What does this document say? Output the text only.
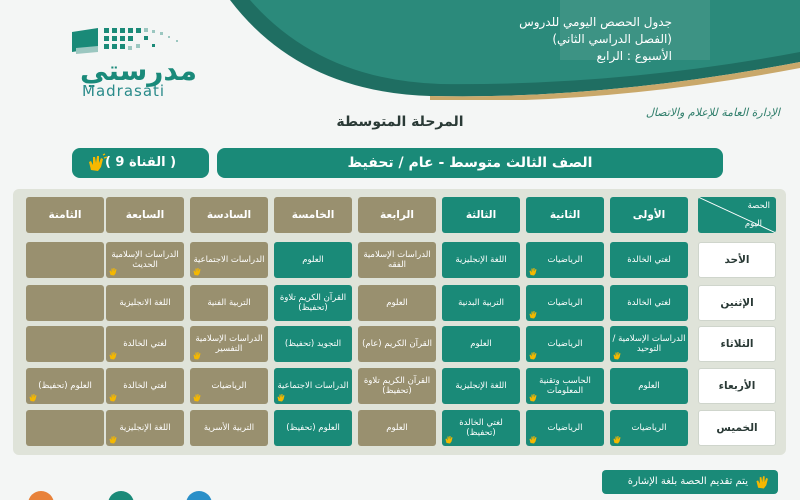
جدول الحصص اليومي للدروس
(الفصل الدراسي الثاني)
الأسبوع : الرابع
مدرستي
Madrasati
الإدارة العامة للإعلام والاتصال
المرحلة المتوسطة
الصف الثالث متوسط - عام / تحفيظ
( القناة 9 )
الحصة
اليوم
الأولى
الثانية
الثالثة
الرابعة
الخامسة
السادسة
السابعة
الثامنة
الأحد
لغتي الخالدة
الرياضيات
اللغة الإنجليزية
الدراسات الإسلامية الفقه
العلوم
الدراسات الاجتماعية
الدراسات الإسلامية الحديث
الإثنين
لغتي الخالدة
الرياضيات
التربية البدنية
العلوم
القرآن الكريم تلاوة (تحفيظ)
التربية الفنية
اللغة الانجليزية
الثلاثاء
الدراسات الإسلامية / التوحيد
الرياضيات
العلوم
القرآن الكريم (عام)
التجويد (تحفيظ)
الدراسات الإسلامية التفسير
لغتي الخالدة
الأربعاء
العلوم
الحاسب وتقنية المعلومات
اللغة الإنجليزية
القرآن الكريم تلاوة (تحفيظ)
الدراسات الاجتماعية
الرياضيات
لغتي الخالدة
العلوم (تحفيظ)
الخميس
الرياضيات
الرياضيات
لغتي الخالدة (تحفيظ)
العلوم
العلوم (تحفيظ)
التربية الأسرية
اللغة الإنجليزية
يتم تقديم الحصة بلغة الإشارة
